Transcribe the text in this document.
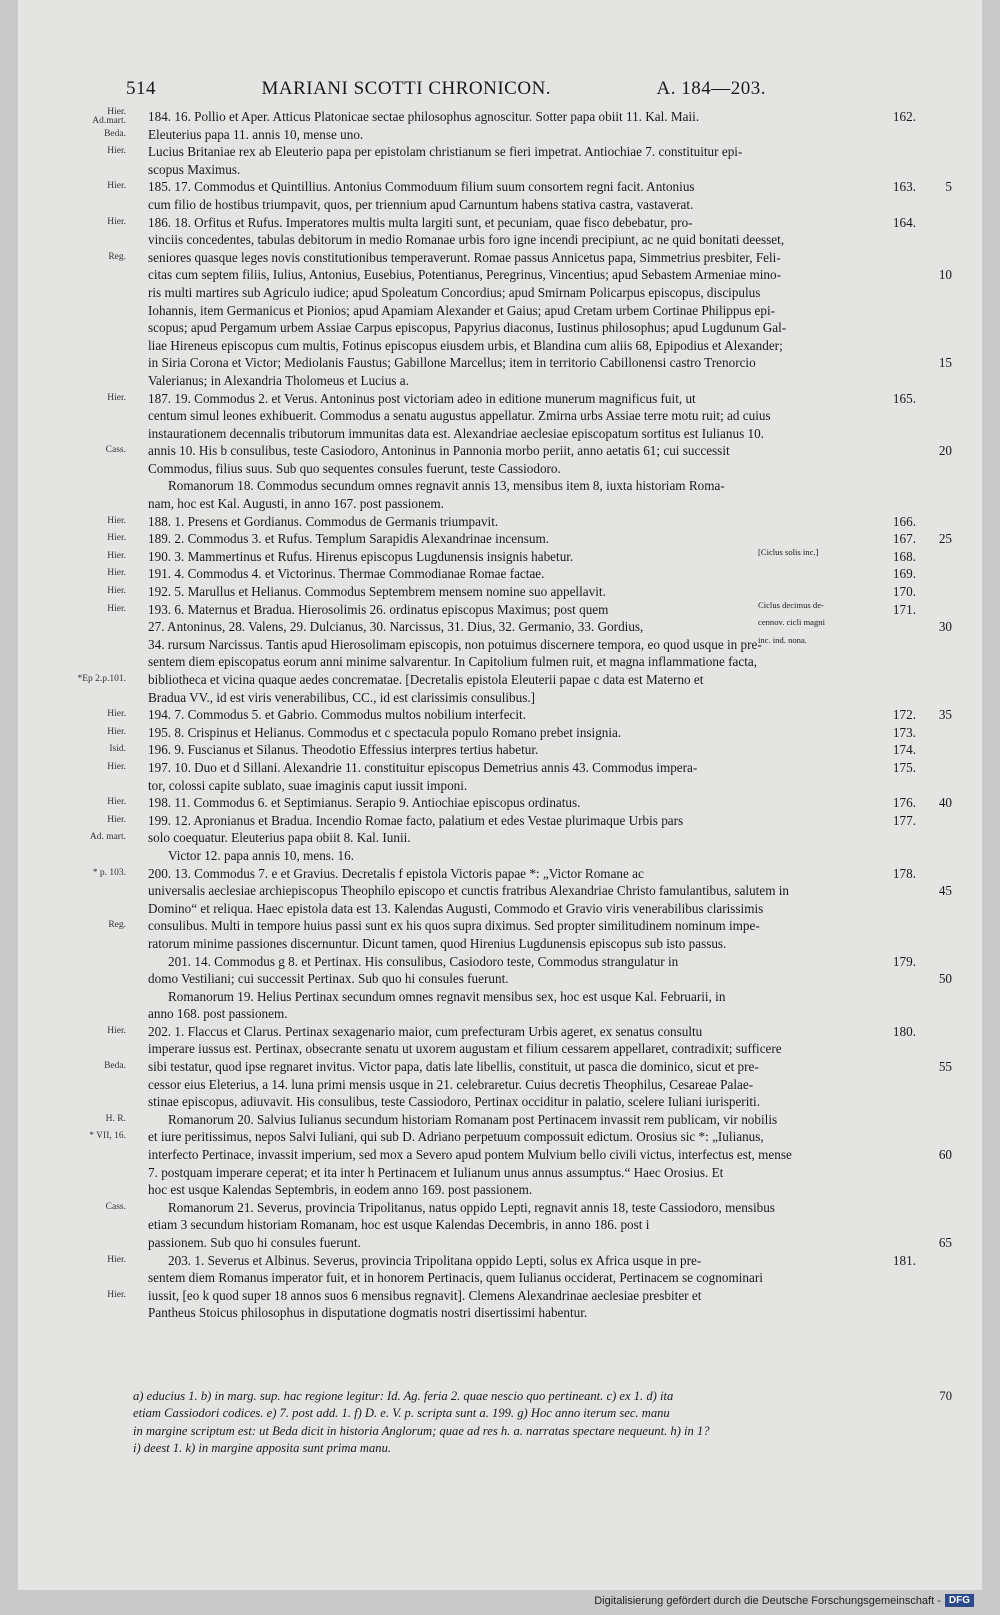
514	MARIANI SCOTTI CHRONICON.	A. 184—203.
Hier.
Ad.mart. 184. 16. Pollio et Aper. Atticus Platonicae sectae philosophus agnoscitur. Sotter papa obiit 11. Kal. Maii.	162.
Beda. Eleuterius papa 11. annis 10, mense uno.
Hier. Lucius Britaniae rex ab Eleuterio papa per epistolam christianum se fieri impetrat. Antiochiae 7. constituitur epi-
scopus Maximus.
Hier. 185. 17. Commodus et Quintillius. Antonius Commoduum filium suum consortem regni facit. Antonius	163.	5
cum filio de hostibus triumpavit, quos, per triennium apud Carnuntum habens stativa castra, vastaverat.
Hier. 186. 18. Orfitus et Rufus. Imperatores multis multa largiti sunt, et pecuniam, quae fisco debebatur, pro-	164.
vinciis concedentes, tabulas debitorum in medio Romanae urbis foro igne incendi precipiunt, ac ne quid bonitati deesset,
Reg. seniores quasque leges novis constitutionibus temperaverunt. Romae passus Annicetus papa, Simmetrius presbiter, Feli-
citas cum septem filiis, Iulius, Antonius, Eusebius, Potentianus, Peregrinus, Vincentius; apud Sebastem Armeniae mino-	10
ris multi martires sub Agriculo iudice; apud Spoleatum Concordius; apud Smirnam Policarpus episcopus, discipulus
Iohannis, item Germanicus et Pionios; apud Apamiam Alexander et Gaius; apud Cretam urbem Cortinae Philippus epi-
scopus; apud Pergamum urbem Assiae Carpus episcopus, Papyrius diaconus, Iustinus philosophus; apud Lugdunum Gal-
liae Hireneus episcopus cum multis, Fotinus episcopus eiusdem urbis, et Blandina cum aliis 68, Epipodius et Alexander;
in Siria Corona et Victor; Mediolanis Faustus; Gabillone Marcellus; item in territorio Cabillonensi castro Trenorcio	15
Valerianus; in Alexandria Tholomeus et Lucius a.
Hier. 187. 19. Commodus 2. et Verus. Antoninus post victoriam adeo in editione munerum magnificus fuit, ut	165.
centum simul leones exhibuerit. Commodus a senatu augustus appellatur. Zmirna urbs Assiae terre motu ruit; ad cuius
instaurationem decennalis tributorum immunitas data est. Alexandriae aeclesiae episcopatum sortitus est Iulianus 10.
Cass. annis 10. His b consulibus, teste Casiodoro, Antoninus in Pannonia morbo periit, anno aetatis 61; cui successit	20
Commodus, filius suus. Sub quo sequentes consules fuerunt, teste Cassiodoro.
Romanorum 18. Commodus secundum omnes regnavit annis 13, mensibus item 8, iuxta historiam Roma-
nam, hoc est Kal. Augusti, in anno 167. post passionem.
Hier. 188. 1. Presens et Gordianus. Commodus de Germanis triumpavit.	166.
Hier. 189. 2. Commodus 3. et Rufus. Templum Sarapidis Alexandrinae incensum.	167.	25
Hier. 190. 3. Mammertinus et Rufus. Hirenus episcopus Lugdunensis insignis habetur.	[Ciclus solis inc.]	168.
Hier. 191. 4. Commodus 4. et Victorinus. Thermae Commodianae Romae factae.	169.
Hier. 192. 5. Marullus et Helianus. Commodus Septembrem mensem nomine suo appellavit.	170.
Hier. 193. 6. Maternus et Bradua. Hierosolimis 26. ordinatus episcopus Maximus; post quem	Ciclus decimus de-	171.
27. Antoninus, 28. Valens, 29. Dulcianus, 30. Narcissus, 31. Dius, 32. Germanio, 33. Gordius,	cennov. cicli magni	30
34. rursum Narcissus. Tantis apud Hierosolimam episcopis, non potuimus discernere tempora, eo quod usque in pre-
inc. ind. nona.
sentem diem episcopatus eorum anni minime salvarentur. In Capitolium fulmen ruit, et magna inflammatione facta,
*Ep 2.p.101. bibliotheca et vicina quaque aedes concrematae. [Decretalis epistola Eleuterii papae c data est Materno et
Bradua VV., id est viris venerabilibus, CC., id est clarissimis consulibus.]
Hier. 194. 7. Commodus 5. et Gabrio. Commodus multos nobilium interfecit.	172.	35
Hier. 195. 8. Crispinus et Helianus. Commodus et c spectacula populo Romano prebet insignia.	173.
Isid. 196. 9. Fuscianus et Silanus. Theodotio Effessius interpres tertius habetur.	174.
Hier. 197. 10. Duo et d Sillani. Alexandrie 11. constituitur episcopus Demetrius annis 43. Commodus impera-	175.
tor, colossi capite sublato, suae imaginis caput iussit imponi.
Hier. 198. 11. Commodus 6. et Septimianus. Serapio 9. Antiochiae episcopus ordinatus.	176.	40
Hier. 199. 12. Apronianus et Bradua. Incendio Romae facto, palatium et edes Vestae plurimaque Urbis pars	177.
Ad. mart. solo coequatur. Eleuterius papa obiit 8. Kal. Iunii.
Victor 12. papa annis 10, mens. 16.
* p. 103. 200. 13. Commodus 7. e et Gravius. Decretalis f epistola Victoris papae *: „Victor Romane ac	178.
universalis aeclesiae archiepiscopus Theophilo episcopo et cunctis fratribus Alexandriae Christo famulantibus, salutem in	45
Domino“ et reliqua. Haec epistola data est 13. Kalendas Augusti, Commodo et Gravio viris venerabilibus clarissimis
Reg. consulibus. Multi in tempore huius passi sunt ex his quos supra diximus. Sed propter similitudinem nominum impe-
ratorum minime passiones discernuntur. Dicunt tamen, quod Hirenius Lugdunensis episcopus sub isto passus.
201. 14. Commodus g 8. et Pertinax. His consulibus, Casiodoro teste, Commodus strangulatur in	179.
domo Vestiliani; cui successit Pertinax. Sub quo hi consules fuerunt.	50
Romanorum 19. Helius Pertinax secundum omnes regnavit mensibus sex, hoc est usque Kal. Februarii, in
anno 168. post passionem.
Hier. 202. 1. Flaccus et Clarus. Pertinax sexagenario maior, cum prefecturam Urbis ageret, ex senatus consultu	180.
imperare iussus est. Pertinax, obsecrante senatu ut uxorem augustam et filium cessarem appellaret, contradixit; sufficere
Beda. sibi testatur, quod ipse regnaret invitus. Victor papa, datis late libellis, constituit, ut pasca die dominico, sicut et pre-	55
cessor eius Eleterius, a 14. luna primi mensis usque in 21. celebraretur. Cuius decretis Theophilus, Cesareae Palae-
stinae episcopus, adiuvavit. His consulibus, teste Cassiodoro, Pertinax occiditur in palatio, scelere Iuliani iurisperiti.
H. R.	Romanorum 20. Salvius Iulianus secundum historiam Romanam post Pertinacem invassit rem publicam, vir nobilis
* VII, 16. et iure peritissimus, nepos Salvi Iuliani, qui sub D. Adriano perpetuum compossuit edictum. Orosius sic *: „Iulianus,
interfecto Pertinace, invassit imperium, sed mox a Severo apud pontem Mulvium bello civili victus, interfectus est, mense	60
7. postquam imperare ceperat; et ita inter h Pertinacem et Iulianum unus annus assumptus.“ Haec Orosius. Et
hoc est usque Kalendas Septembris, in eodem anno 169. post passionem.
Cass.	Romanorum 21. Severus, provincia Tripolitanus, natus oppido Lepti, regnavit annis 18, teste Cassiodoro, mensibus
etiam 3 secundum historiam Romanam, hoc est usque Kalendas Decembris, in anno 186. post i
passionem. Sub quo hi consules fuerunt.	65
Hier.	203. 1. Severus et Albinus. Severus, provincia Tripolitana oppido Lepti, solus ex Africa usque in pre-	181.
sentem diem Romanus imperator fuit, et in honorem Pertinacis, quem Iulianus occiderat, Pertinacem se cognominari
Hier. iussit, [eo k quod super 18 annos suos 6 mensibus regnavit]. Clemens Alexandrinae aeclesiae presbiter et
Pantheus Stoicus philosophus in disputatione dogmatis nostri disertissimi habentur.
a) educius 1. b) in marg. sup. hac regione legitur: Id. Ag. feria 2. quae nescio quo pertineant. c) ex 1. d) ita	70
etiam Cassiodori codices. e) 7. post add. 1. f) D. e. V. p. scripta sunt a. 199. g) Hoc anno iterum sec. manu
in margine scriptum est: ut Beda dicit in historia Anglorum; quae ad res h. a. narratas spectare nequeunt. h) in 1?
i) deest 1. k) in margine apposita sunt prima manu.
Digitalisierung gefördert durch die Deutsche Forschungsgemeinschaft - DFG
